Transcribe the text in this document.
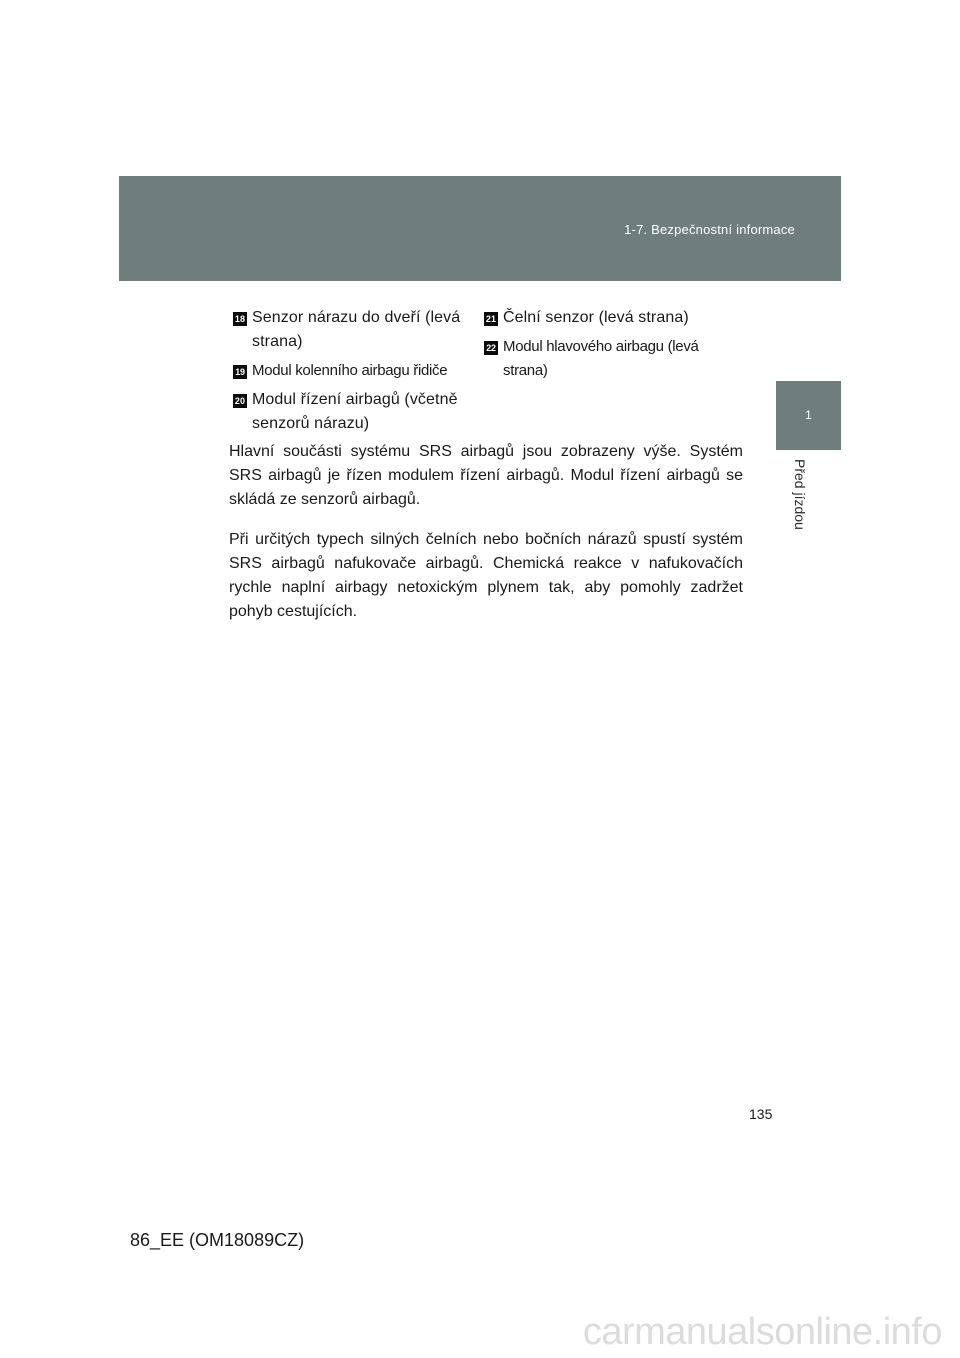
1-7. Bezpečnostní informace
1
Před jízdou
18 Senzor nárazu do dveří (levá strana)
19 Modul kolenního airbagu řidiče
20 Modul řízení airbagů (včetně senzorů nárazu)
21 Čelní senzor (levá strana)
22 Modul hlavového airbagu (levá strana)

Hlavní součásti systému SRS airbagů jsou zobrazeny výše. Systém SRS airbagů je řízen modulem řízení airbagů. Modul řízení airbagů se skládá ze senzorů airbagů.

Při určitých typech silných čelních nebo bočních nárazů spustí systém SRS airbagů nafukovače airbagů. Chemická reakce v nafukovačích rychle naplní airbagy netoxickým plynem tak, aby pomohly zadržet pohyb cestujících.

135
86_EE (OM18089CZ)
carmanualsonline.info
